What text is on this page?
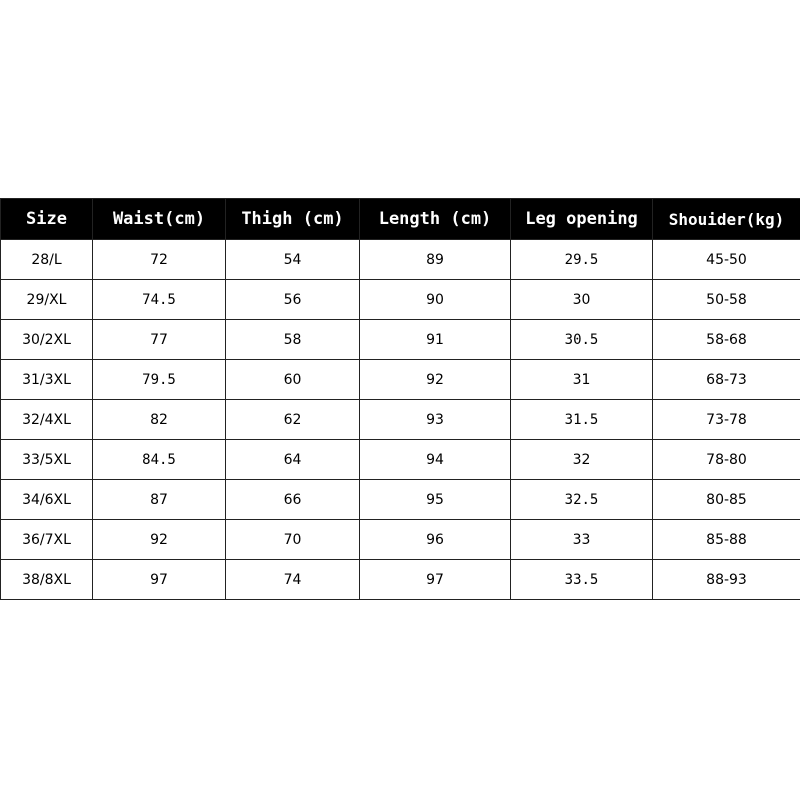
Size	Waist(cm)	Thigh (cm)	Length (cm)	Leg opening	Shouider(kg)
28/L	72	54	89	29.5	45-50
29/XL	74.5	56	90	30	50-58
30/2XL	77	58	91	30.5	58-68
31/3XL	79.5	60	92	31	68-73
32/4XL	82	62	93	31.5	73-78
33/5XL	84.5	64	94	32	78-80
34/6XL	87	66	95	32.5	80-85
36/7XL	92	70	96	33	85-88
38/8XL	97	74	97	33.5	88-93
